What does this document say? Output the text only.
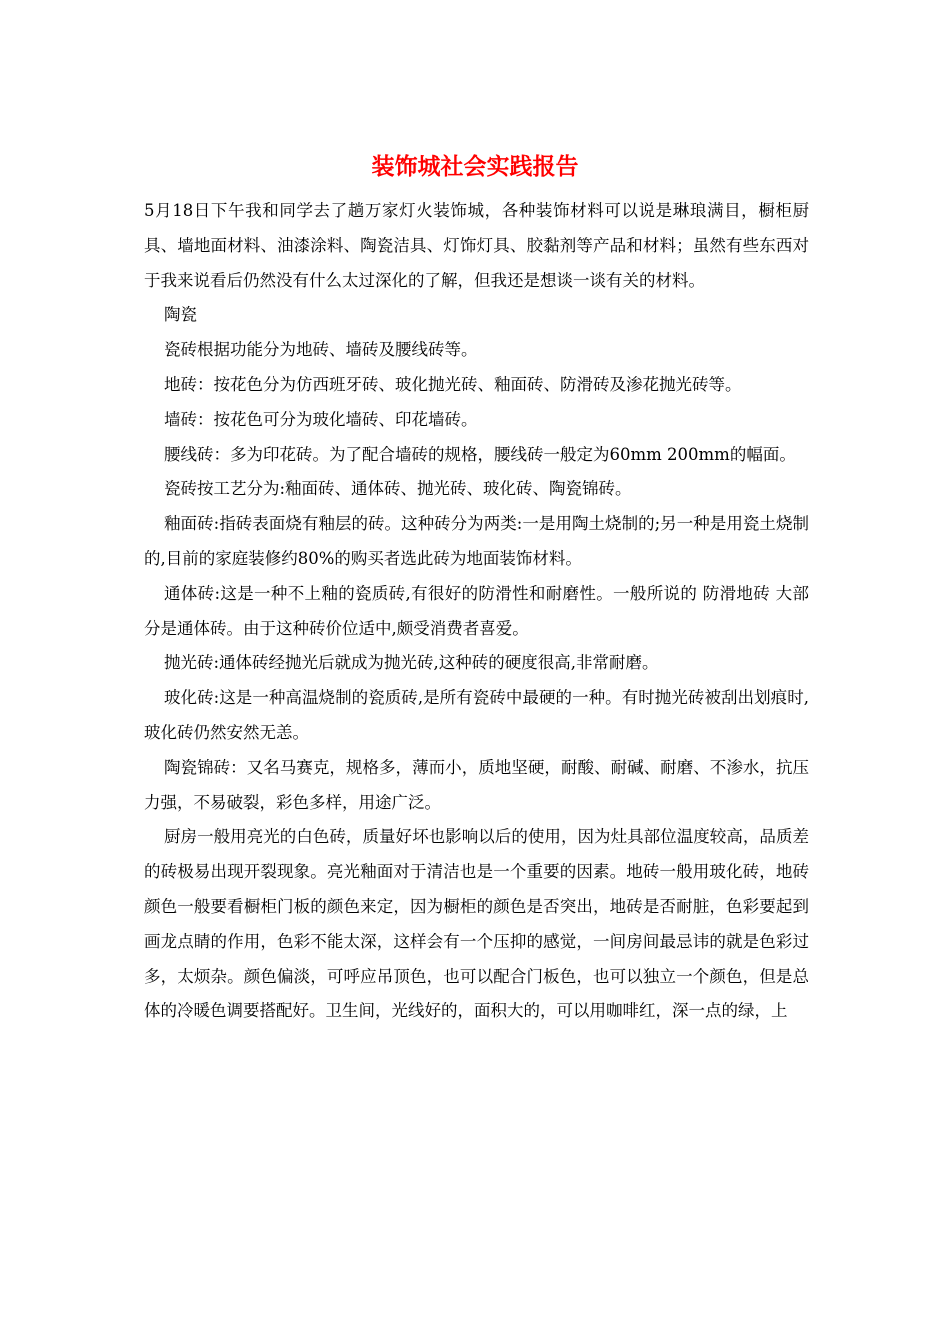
装饰城社会实践报告

5月18日下午我和同学去了趟万家灯火装饰城，各种装饰材料可以说是琳琅满目，橱柜厨具、墙地面材料、油漆涂料、陶瓷洁具、灯饰灯具、胶黏剂等产品和材料；虽然有些东西对于我来说看后仍然没有什么太过深化的了解，但我还是想谈一谈有关的材料。

陶瓷

瓷砖根据功能分为地砖、墙砖及腰线砖等。

地砖：按花色分为仿西班牙砖、玻化抛光砖、釉面砖、防滑砖及渗花抛光砖等。

墙砖：按花色可分为玻化墙砖、印花墙砖。

腰线砖：多为印花砖。为了配合墙砖的规格，腰线砖一般定为60mm 200mm的幅面。

瓷砖按工艺分为:釉面砖、通体砖、抛光砖、玻化砖、陶瓷锦砖。

釉面砖:指砖表面烧有釉层的砖。这种砖分为两类:一是用陶土烧制的;另一种是用瓷土烧制的,目前的家庭装修约80%的购买者选此砖为地面装饰材料。

通体砖:这是一种不上釉的瓷质砖,有很好的防滑性和耐磨性。一般所说的 防滑地砖 大部分是通体砖。由于这种砖价位适中,颇受消费者喜爱。

抛光砖:通体砖经抛光后就成为抛光砖,这种砖的硬度很高,非常耐磨。

玻化砖:这是一种高温烧制的瓷质砖,是所有瓷砖中最硬的一种。有时抛光砖被刮出划痕时,玻化砖仍然安然无恙。

陶瓷锦砖：又名马赛克，规格多，薄而小，质地坚硬，耐酸、耐碱、耐磨、不渗水，抗压力强，不易破裂，彩色多样，用途广泛。

厨房一般用亮光的白色砖，质量好坏也影响以后的使用，因为灶具部位温度较高，品质差的砖极易出现开裂现象。亮光釉面对于清洁也是一个重要的因素。地砖一般用玻化砖，地砖颜色一般要看橱柜门板的颜色来定，因为橱柜的颜色是否突出，地砖是否耐脏，色彩要起到画龙点睛的作用，色彩不能太深，这样会有一个压抑的感觉，一间房间最忌讳的就是色彩过多，太烦杂。颜色偏淡，可呼应吊顶色，也可以配合门板色，也可以独立一个颜色，但是总体的冷暖色调要搭配好。卫生间，光线好的，面积大的，可以用咖啡红，深一点的绿，上
